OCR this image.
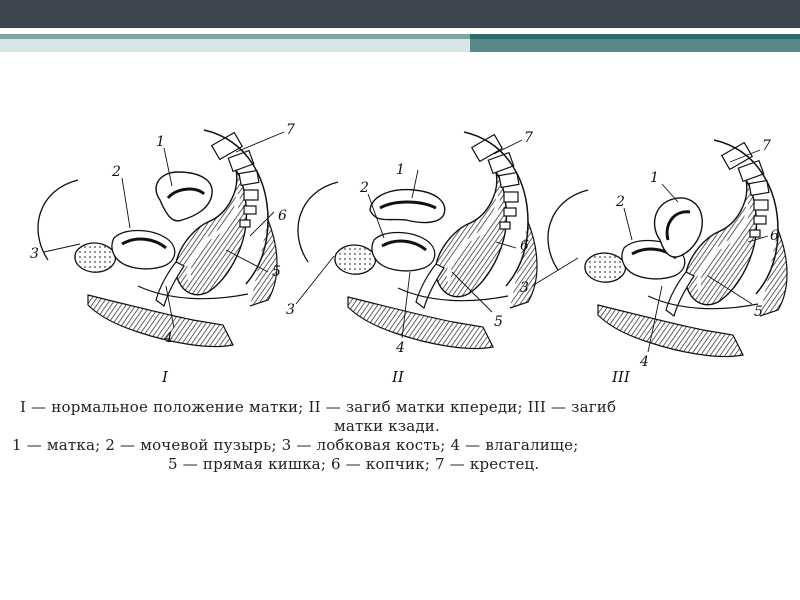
1
2
3
4
5
6
7
I
1
2
3
4
5
6
7
II
1
2
3
4
5
6
7
III
I — нормальное положение матки; II — загиб матки кпереди; III — загиб
матки кзади.
1 — матка; 2 — мочевой пузырь; 3 — лобковая кость; 4 — влагалище;
5 — прямая кишка; 6 — копчик; 7 — крестец.
